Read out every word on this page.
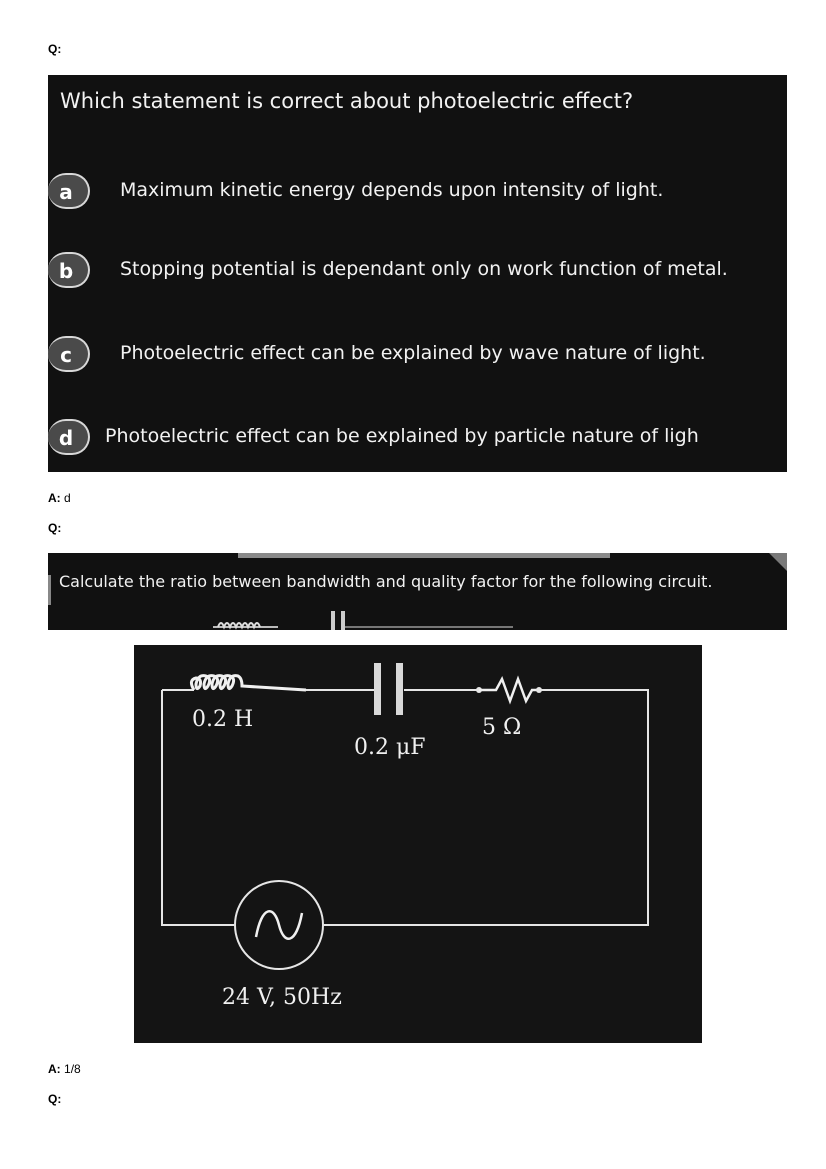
Q:
Which statement is correct about photoelectric effect?
a	Maximum kinetic energy depends upon intensity of light.
b	Stopping potential is dependant only on work function of metal.
c	Photoelectric effect can be explained by wave nature of light.
d	Photoelectric effect can be explained by particle nature of ligh
A: d
Q:
Calculate the ratio between bandwidth and quality factor for the following circuit.
0.2 H
0.2 μF
5 Ω
24 V, 50Hz
A: 1/8
Q:
